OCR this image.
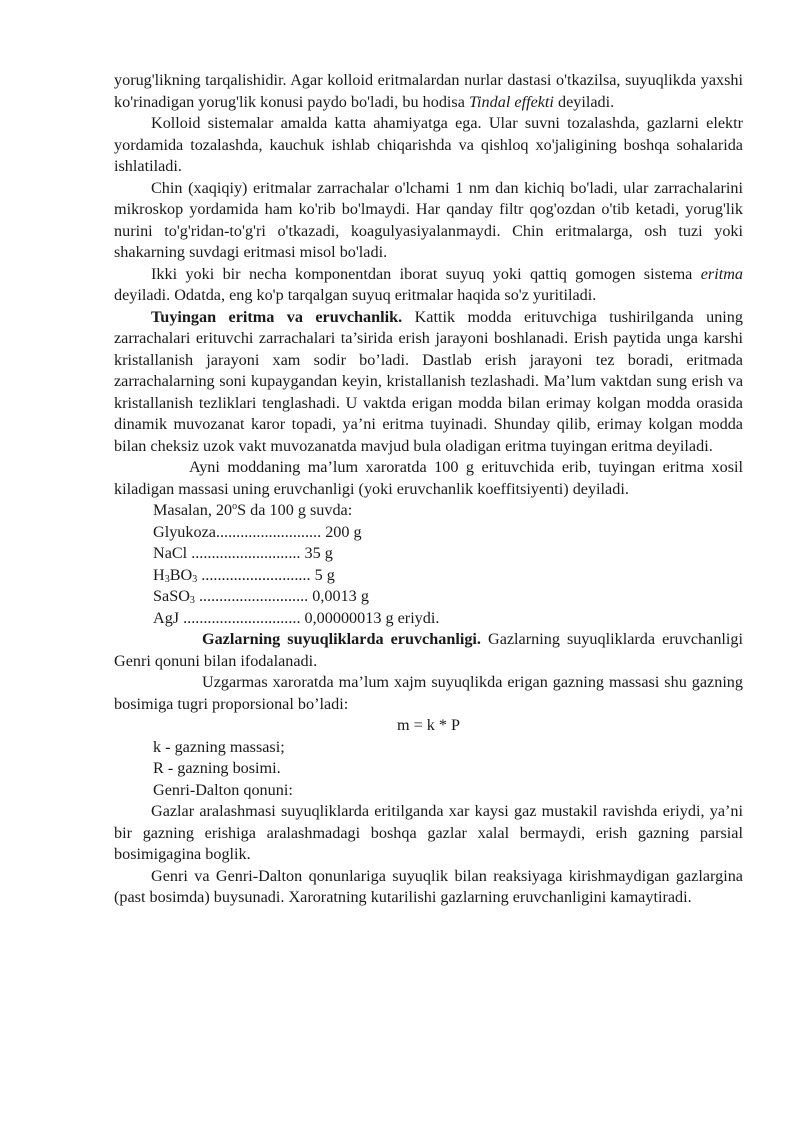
yorug'likning tarqalishidir. Agar kolloid eritmalardan nurlar dastasi o'tkazilsa, suyuqlikda yaxshi ko'rinadigan yorug'lik konusi paydo bo'ladi, bu hodisa Tindal effekti deyiladi.

Kolloid sistemalar amalda katta ahamiyatga ega. Ular suvni tozalashda, gazlarni elektr yordamida tozalashda, kauchuk ishlab chiqarishda va qishloq xo'jaligining boshqa sohalarida ishlatiladi.

Chin (xaqiqiy) eritmalar zarrachalar o'lchami 1 nm dan kichiq bo'ladi, ular zarrachalarini mikroskop yordamida ham ko'rib bo'lmaydi. Har qanday filtr qog'ozdan o'tib ketadi, yorug'lik nurini to'g'ridan-to'g'ri o'tkazadi, koagulyasiyalanmaydi. Chin eritmalarga, osh tuzi yoki shakarning suvdagi eritmasi misol bo'ladi.

Ikki yoki bir necha komponentdan iborat suyuq yoki qattiq gomogen sistema eritma deyiladi. Odatda, eng ko'p tarqalgan suyuq eritmalar haqida so'z yuritiladi.

Tuyingan eritma va eruvchanlik. Kattik modda erituvchiga tushirilganda uning zarrachalari erituvchi zarrachalari ta’sirida erish jarayoni boshlanadi. Erish paytida unga karshi kristallanish jarayoni xam sodir bo’ladi. Dastlab erish jarayoni tez boradi, eritmada zarrachalarning soni kupaygandan keyin, kristallanish tezlashadi. Ma’lum vaktdan sung erish va kristallanish tezliklari tenglashadi. U vaktda erigan modda bilan erimay kolgan modda orasida dinamik muvozanat karor topadi, ya’ni eritma tuyinadi. Shunday qilib, erimay kolgan modda bilan cheksiz uzok vakt muvozanatda mavjud bula oladigan eritma tuyingan eritma deyiladi.

Ayni moddaning ma’lum xaroratda 100 g erituvchida erib, tuyingan eritma xosil kiladigan massasi uning eruvchanligi (yoki eruvchanlik koeffitsiyenti) deyiladi.

Masalan, 20$^o$S da 100 g suvda:
Glyukoza.......................... 200 g
NaCl ........................... 35 g
$H_3BO_3$ ........................... 5 g
SaSO$_3$ ........................... 0,0013 g
AgJ ............................. 0,00000013 g eriydi.

Gazlarning suyuqliklarda eruvchanligi. Gazlarning suyuqliklarda eruvchanligi Genri qonuni bilan ifodalanadi.

Uzgarmas xaroratda ma’lum xajm suyuqlikda erigan gazning massasi shu gazning bosimiga tugri proporsional bo’ladi:

m = k * P

k - gazning massasi;
R - gazning bosimi.
Genri-Dalton qonuni:

Gazlar aralashmasi suyuqliklarda eritilganda xar kaysi gaz mustakil ravishda eriydi, ya’ni bir gazning erishiga aralashmadagi boshqa gazlar xalal bermaydi, erish gazning parsial bosimigagina boglik.

Genri va Genri-Dalton qonunlariga suyuqlik bilan reaksiyaga kirishmaydigan gazlargina (past bosimda) buysunadi. Xaroratning kutarilishi gazlarning eruvchanligini kamaytiradi.
